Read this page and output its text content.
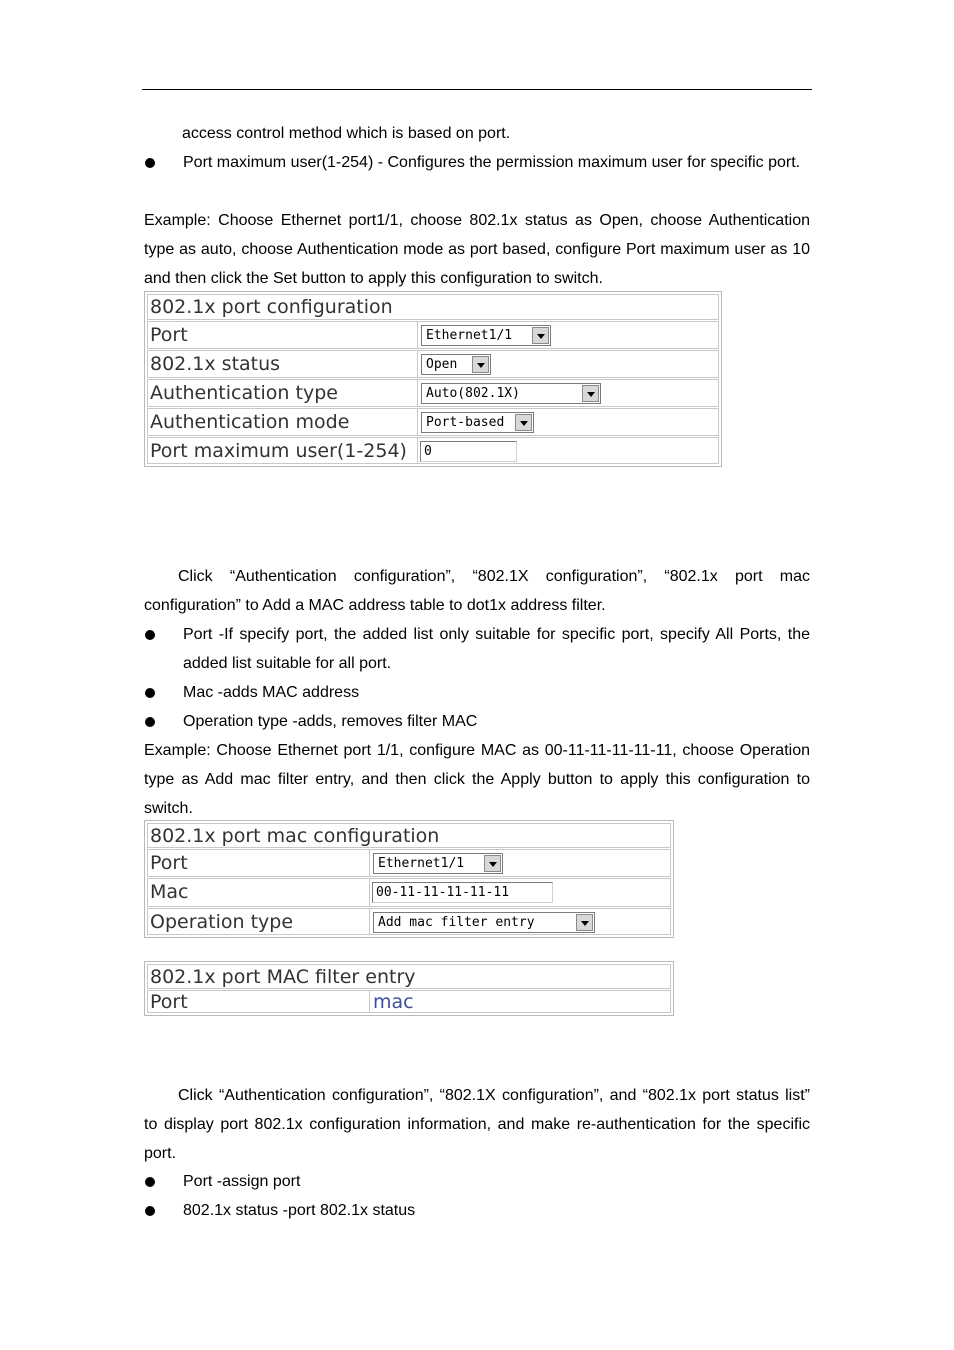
access control method which is based on port.
Port maximum user(1-254) - Configures the permission maximum user for specific port.
Example: Choose Ethernet port1/1, choose 802.1x status as Open, choose Authentication type as auto, choose Authentication mode as port based, configure Port maximum user as 10 and then click the Set button to apply this configuration to switch.
802.1x port configuration
Port	Ethernet1/1
802.1x status	Open
Authentication type	Auto(802.1X)
Authentication mode	Port-based
Port maximum user(1-254)	0
Click “Authentication configuration”, “802.1X configuration”, “802.1x port mac configuration” to Add a MAC address table to dot1x address filter.
Port -If specify port, the added list only suitable for specific port, specify All Ports, the added list suitable for all port.
Mac -adds MAC address
Operation type -adds, removes filter MAC
Example: Choose Ethernet port 1/1, configure MAC as 00-11-11-11-11-11, choose Operation type as Add mac filter entry, and then click the Apply button to apply this configuration to switch.
802.1x port mac configuration
Port	Ethernet1/1
Mac	00-11-11-11-11-11
Operation type	Add mac filter entry
802.1x port MAC filter entry
Port	mac
Click “Authentication configuration”, “802.1X configuration”, and “802.1x port status list” to display port 802.1x configuration information, and make re-authentication for the specific port.
Port -assign port
802.1x status -port 802.1x status
